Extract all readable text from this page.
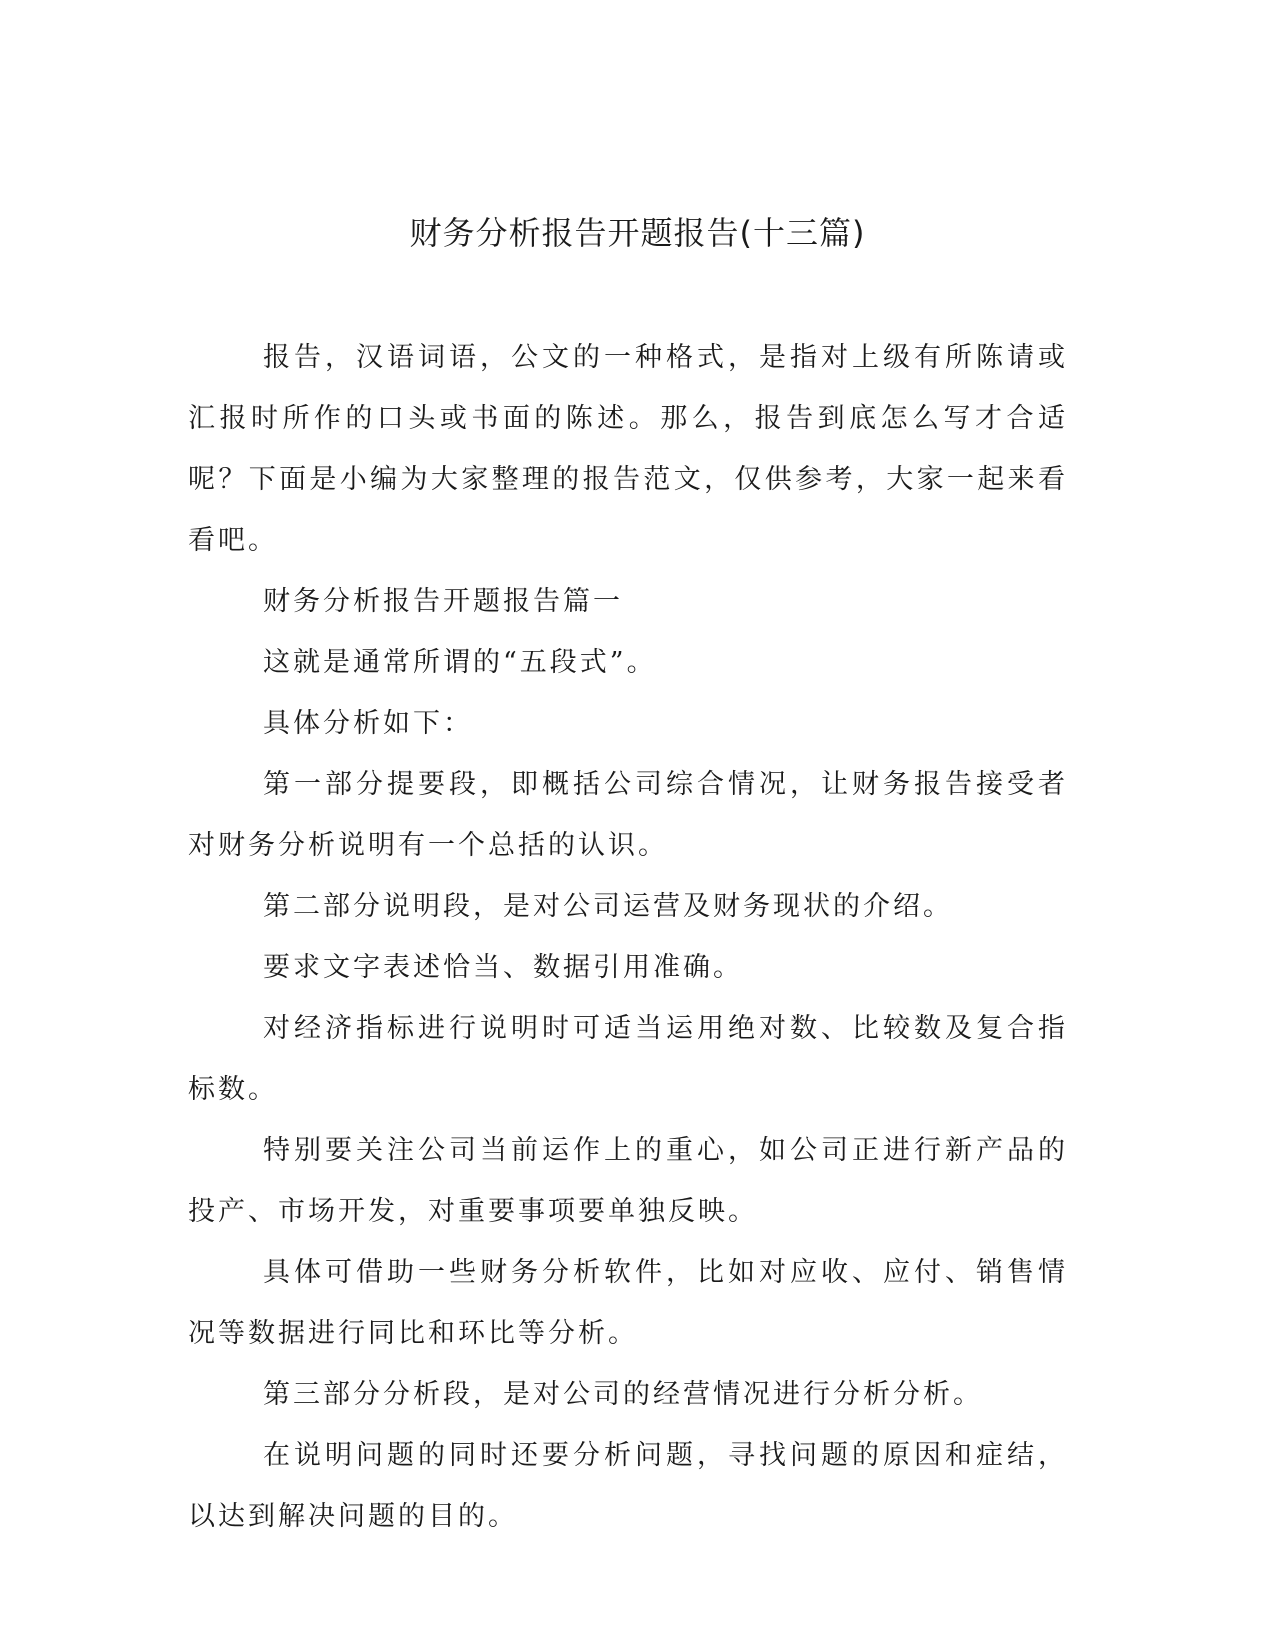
财务分析报告开题报告(十三篇)

报告，汉语词语，公文的一种格式，是指对上级有所陈请或汇报时所作的口头或书面的陈述。那么，报告到底怎么写才合适呢？下面是小编为大家整理的报告范文，仅供参考，大家一起来看看吧。

财务分析报告开题报告篇一

这就是通常所谓的“五段式”。

具体分析如下：

第一部分提要段，即概括公司综合情况，让财务报告接受者对财务分析说明有一个总括的认识。

第二部分说明段，是对公司运营及财务现状的介绍。

要求文字表述恰当、数据引用准确。

对经济指标进行说明时可适当运用绝对数、比较数及复合指标数。

特别要关注公司当前运作上的重心，如公司正进行新产品的投产、市场开发，对重要事项要单独反映。

具体可借助一些财务分析软件，比如对应收、应付、销售情况等数据进行同比和环比等分析。

第三部分分析段，是对公司的经营情况进行分析分析。

在说明问题的同时还要分析问题，寻找问题的原因和症结，以达到解决问题的目的。
